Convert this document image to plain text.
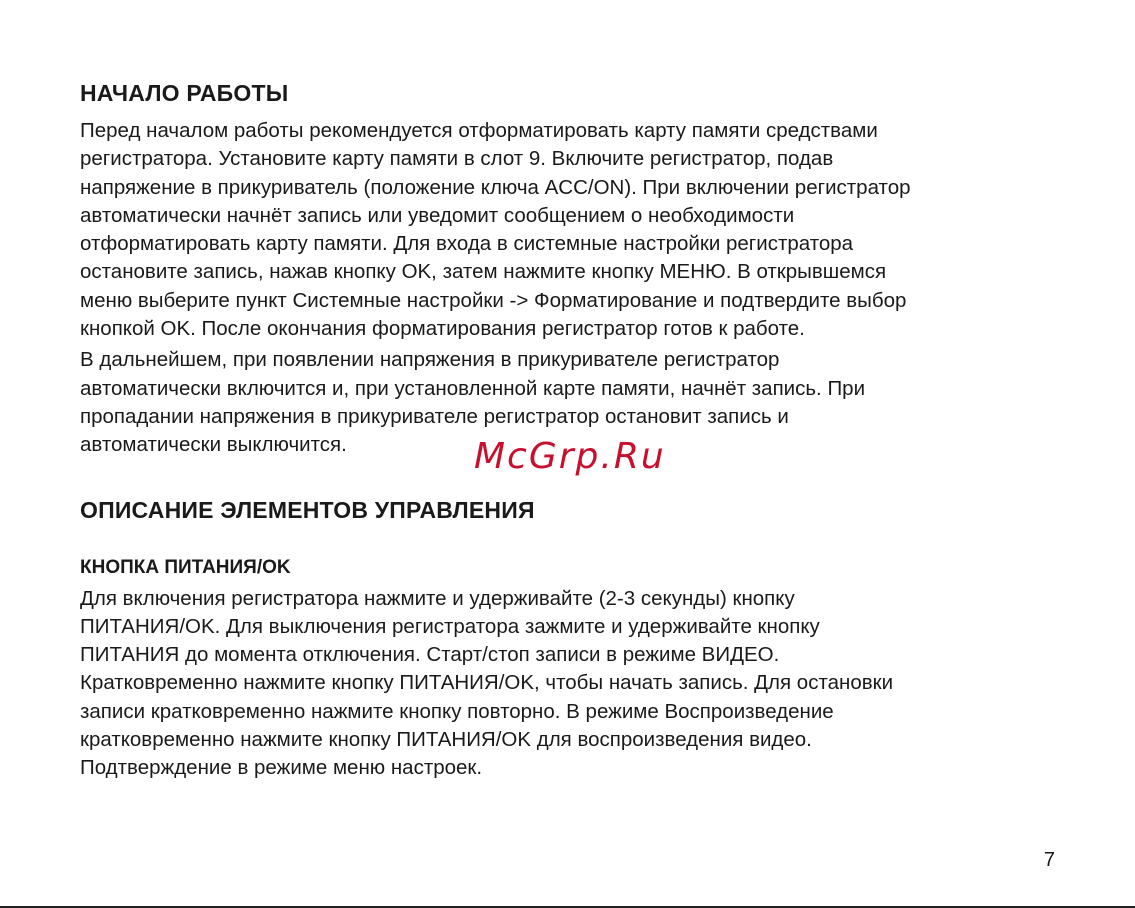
НАЧАЛО РАБОТЫ

Перед началом работы рекомендуется отформатировать карту памяти средствами
регистратора. Установите карту памяти в слот 9. Включите регистратор, подав
напряжение в прикуриватель (положение ключа ACC/ON). При включении регистратор
автоматически начнёт запись или уведомит сообщением о необходимости
отформатировать карту памяти. Для входа в системные настройки регистратора
остановите запись, нажав кнопку OK, затем нажмите кнопку МЕНЮ. В открывшемся
меню выберите пункт Системные настройки -> Форматирование и подтвердите выбор
кнопкой OK. После окончания форматирования регистратор готов к работе.

В дальнейшем, при появлении напряжения в прикуривателе регистратор
автоматически включится и, при установленной карте памяти, начнёт запись. При
пропадании напряжения в прикуривателе регистратор остановит запись и
автоматически выключится.

ОПИСАНИЕ ЭЛЕМЕНТОВ УПРАВЛЕНИЯ
КНОПКА ПИТАНИЯ/OK

Для включения регистратора нажмите и удерживайте (2-3 секунды) кнопку
ПИТАНИЯ/OK. Для выключения регистратора зажмите и удерживайте кнопку
ПИТАНИЯ до момента отключения. Старт/стоп записи в режиме ВИДЕО.
Кратковременно нажмите кнопку ПИТАНИЯ/OK, чтобы начать запись. Для остановки
записи кратковременно нажмите кнопку повторно. В режиме Воспроизведение
кратковременно нажмите кнопку ПИТАНИЯ/OK для воспроизведения видео.
Подтверждение в режиме меню настроек.

McGrp.Ru
7
